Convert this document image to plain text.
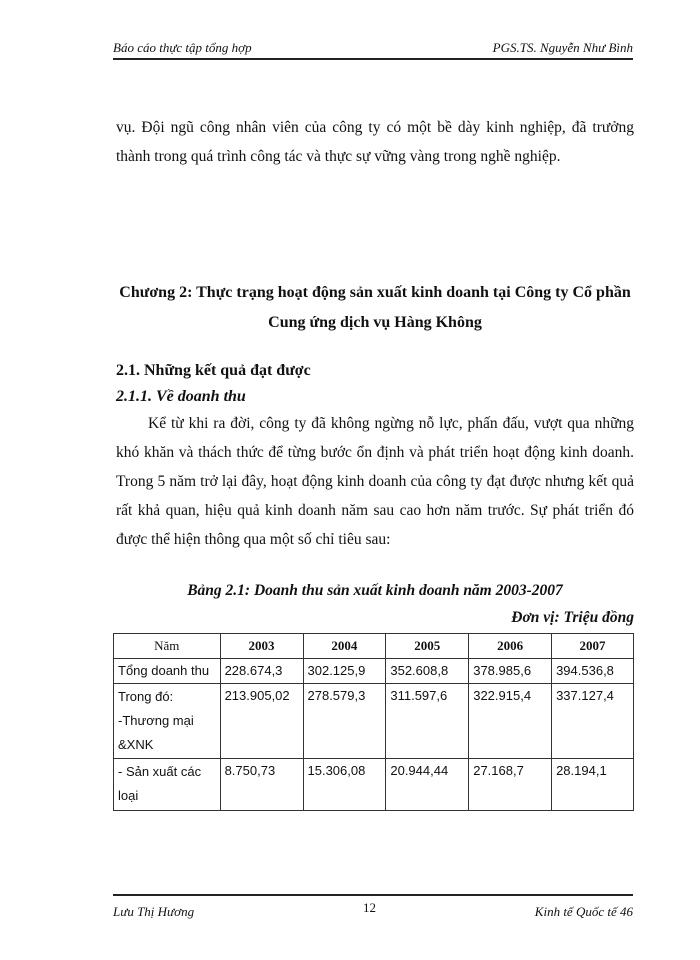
Báo cáo thực tập tổng hợp	PGS.TS. Nguyễn Như Bình

vụ. Đội ngũ công nhân viên của công ty có một bề dày kinh nghiệp, đã trưởng thành trong quá trình công tác và thực sự vững vàng trong nghề nghiệp.

Chương 2: Thực trạng hoạt động sản xuất kinh doanh tại Công ty Cổ phần Cung ứng dịch vụ Hàng Không
2.1. Những kết quả đạt được
2.1.1. Về doanh thu

Kể từ khi ra đời, công ty đã không ngừng nỗ lực, phấn đấu, vượt qua những khó khăn và thách thức để từng bước ổn định và phát triển hoạt động kinh doanh. Trong 5 năm trở lại đây, hoạt động kinh doanh của công ty đạt được nhưng kết quả rất khả quan, hiệu quả kinh doanh năm sau cao hơn năm trước. Sự phát triển đó được thể hiện thông qua một số chỉ tiêu sau:

Bảng 2.1: Doanh thu sản xuất kinh doanh năm 2003-2007
Đơn vị: Triệu đồng
Năm	2003	2004	2005	2006	2007
Tổng doanh thu	228.674,3	302.125,9	352.608,8	378.985,6	394.536,8

Trong đó:
-Thương mại
&XNK	213.905,02	278.579,3	311.597,6	322.915,4	337.127,4

- Sản xuất các
loại	8.750,73	15.306,08	20.944,44	27.168,7	28.194,1
Lưu Thị Hương	12	Kinh tế Quốc tế 46
